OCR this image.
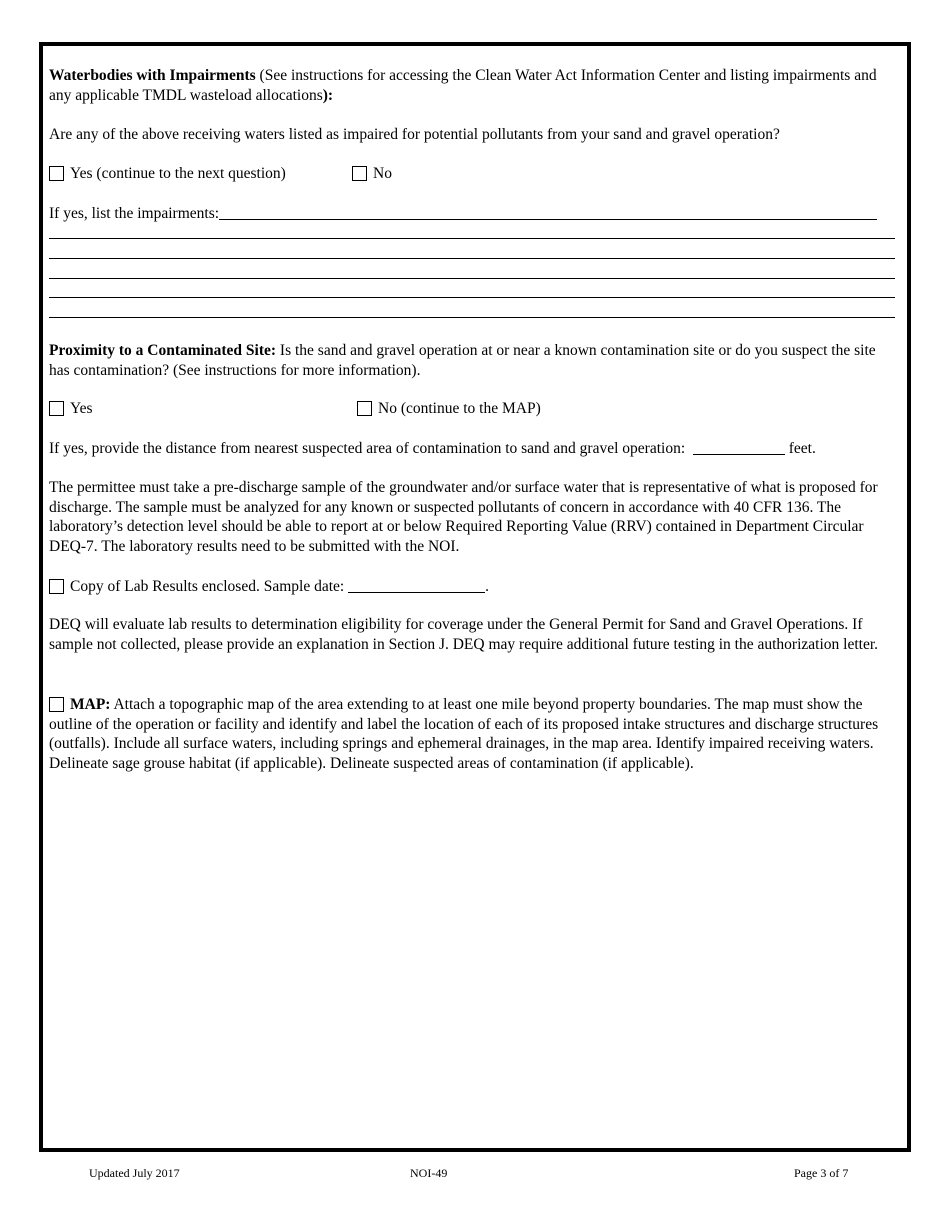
Waterbodies with Impairments (See instructions for accessing the Clean Water Act Information Center and listing impairments and any applicable TMDL wasteload allocations):

Are any of the above receiving waters listed as impaired for potential pollutants from your sand and gravel operation?

Yes (continue to the next question)	No
If yes, list the impairments:

Proximity to a Contaminated Site: Is the sand and gravel operation at or near a known contamination site or do you suspect the site has contamination? (See instructions for more information).

Yes	No (continue to the MAP)
If yes, provide the distance from nearest suspected area of contamination to sand and gravel operation:	feet.

The permittee must take a pre-discharge sample of the groundwater and/or surface water that is representative of what is proposed for discharge. The sample must be analyzed for any known or suspected pollutants of concern in accordance with 40 CFR 136. The laboratory’s detection level should be able to report at or below Required Reporting Value (RRV) contained in Department Circular DEQ-7. The laboratory results need to be submitted with the NOI.

Copy of Lab Results enclosed. Sample date:	.

DEQ will evaluate lab results to determination eligibility for coverage under the General Permit for Sand and Gravel Operations. If sample not collected, please provide an explanation in Section J. DEQ may require additional future testing in the authorization letter.

MAP: Attach a topographic map of the area extending to at least one mile beyond property boundaries. The map must show the outline of the operation or facility and identify and label the location of each of its proposed intake structures and discharge structures (outfalls). Include all surface waters, including springs and ephemeral drainages, in the map area. Identify impaired receiving waters. Delineate sage grouse habitat (if applicable). Delineate suspected areas of contamination (if applicable).

Updated July 2017	NOI-49	Page 3 of 7
